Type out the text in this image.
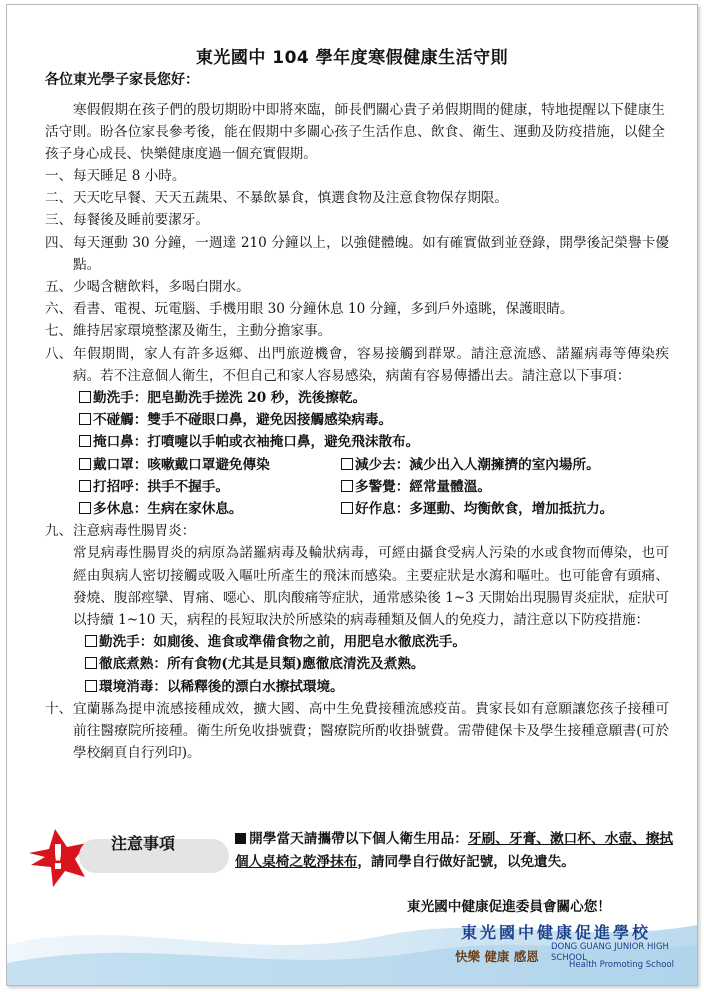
東光國中 104 學年度寒假健康生活守則
各位東光學子家長您好：
寒假假期在孩子們的殷切期盼中即將來臨，師長們關心貴子弟假期間的健康，特地提醒以下健康生活守則。盼各位家長參考後，能在假期中多關心孩子生活作息、飲食、衛生、運動及防疫措施，以健全孩子身心成長、快樂健康度過一個充實假期。
一、 每天睡足 8 小時。
二、 天天吃早餐、天天五蔬果、不暴飲暴食，慎選食物及注意食物保存期限。
三、 每餐後及睡前要潔牙。
四、 每天運動 30 分鐘，一週達 210 分鐘以上，以強健體魄。如有確實做到並登錄，開學後記榮譽卡優點。
五、 少喝含糖飲料，多喝白開水。
六、 看書、電視、玩電腦、手機用眼 30 分鐘休息 10 分鐘，多到戶外遠眺，保護眼睛。
七、 維持居家環境整潔及衛生，主動分擔家事。
八、 年假期間，家人有許多返鄉、出門旅遊機會，容易接觸到群眾。請注意流感、諾羅病毒等傳染疾病。若不注意個人衛生，不但自己和家人容易感染，病菌有容易傳播出去。請注意以下事項：
勤洗手：肥皂勤洗手搓洗 20 秒，洗後擦乾。
不碰觸：雙手不碰眼口鼻，避免因接觸感染病毒。
掩口鼻：打噴嚏以手帕或衣袖掩口鼻，避免飛沫散布。
戴口罩：咳嗽戴口罩避免傳染	減少去：減少出入人潮擁擠的室內場所。
打招呼：拱手不握手。	多警覺：經常量體溫。
多休息：生病在家休息。	好作息：多運動、均衡飲食，增加抵抗力。
九、 注意病毒性腸胃炎：
常見病毒性腸胃炎的病原為諾羅病毒及輪狀病毒，可經由攝食受病人污染的水或食物而傳染，也可經由與病人密切接觸或吸入嘔吐所產生的飛沫而感染。主要症狀是水瀉和嘔吐。也可能會有頭痛、發燒、腹部痙攣、胃痛、噁心、肌肉酸痛等症狀，通常感染後 1~3 天開始出現腸胃炎症狀，症狀可以持續 1~10 天，病程的長短取決於所感染的病毒種類及個人的免疫力，請注意以下防疫措施：
勤洗手：如廁後、進食或準備食物之前，用肥皂水徹底洗手。
徹底煮熟：所有食物(尤其是貝類)應徹底清洗及煮熟。
環境消毒：以稀釋後的漂白水擦拭環境。
十、 宜蘭縣為提申流感接種成效，擴大國、高中生免費接種流感疫苗。貴家長如有意願讓您孩子接種可前往醫療院所接種。衛生所免收掛號費；醫療院所酌收掛號費。需帶健保卡及學生接種意願書(可於學校網頁自行列印)。
!	注意事項	開學當天請攜帶以下個人衛生用品：牙刷、牙膏、漱口杯、水壺、擦拭個人桌椅之乾淨抹布，請同學自行做好記號，以免遺失。
東光國中健康促進委員會關心您！
東光國中健康促進學校
快樂 健康 感恩
DONG GUANG JUNIOR HIGH SCHOOL
Health Promoting School
